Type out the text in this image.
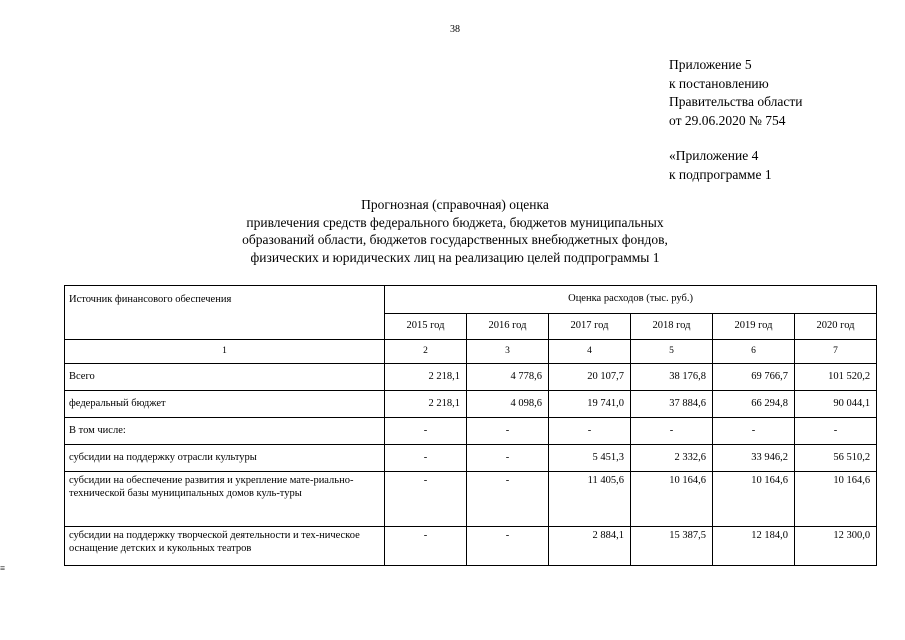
38
Приложение 5
к постановлению
Правительства области
от 29.06.2020 № 754
«Приложение 4
к подпрограмме 1
Прогнозная (справочная) оценка
привлечения средств федерального бюджета, бюджетов муниципальных
образований области, бюджетов государственных внебюджетных фондов,
физических и юридических лиц на реализацию целей подпрограммы 1
Источник финансового обеспечения	Оценка расходов (тыс. руб.)					
	2015 год	2016 год	2017 год	2018 год	2019 год	2020 год
1	2	3	4	5	6	7
Всего	2 218,1	4 778,6	20 107,7	38 176,8	69 766,7	101 520,2
федеральный бюджет	2 218,1	4 098,6	19 741,0	37 884,6	66 294,8	90 044,1
В том числе:	-	-	-	-	-	-
субсидии на поддержку отрасли культуры	-	-	5 451,3	2 332,6	33 946,2	56 510,2
субсидии на обеспечение развития и укрепление мате-риально-технической базы муниципальных домов куль-туры	-	-	11 405,6	10 164,6	10 164,6	10 164,6
субсидии на поддержку творческой деятельности и тех-ническое оснащение детских и кукольных театров	-	-	2 884,1	15 387,5	12 184,0	12 300,0
≡
